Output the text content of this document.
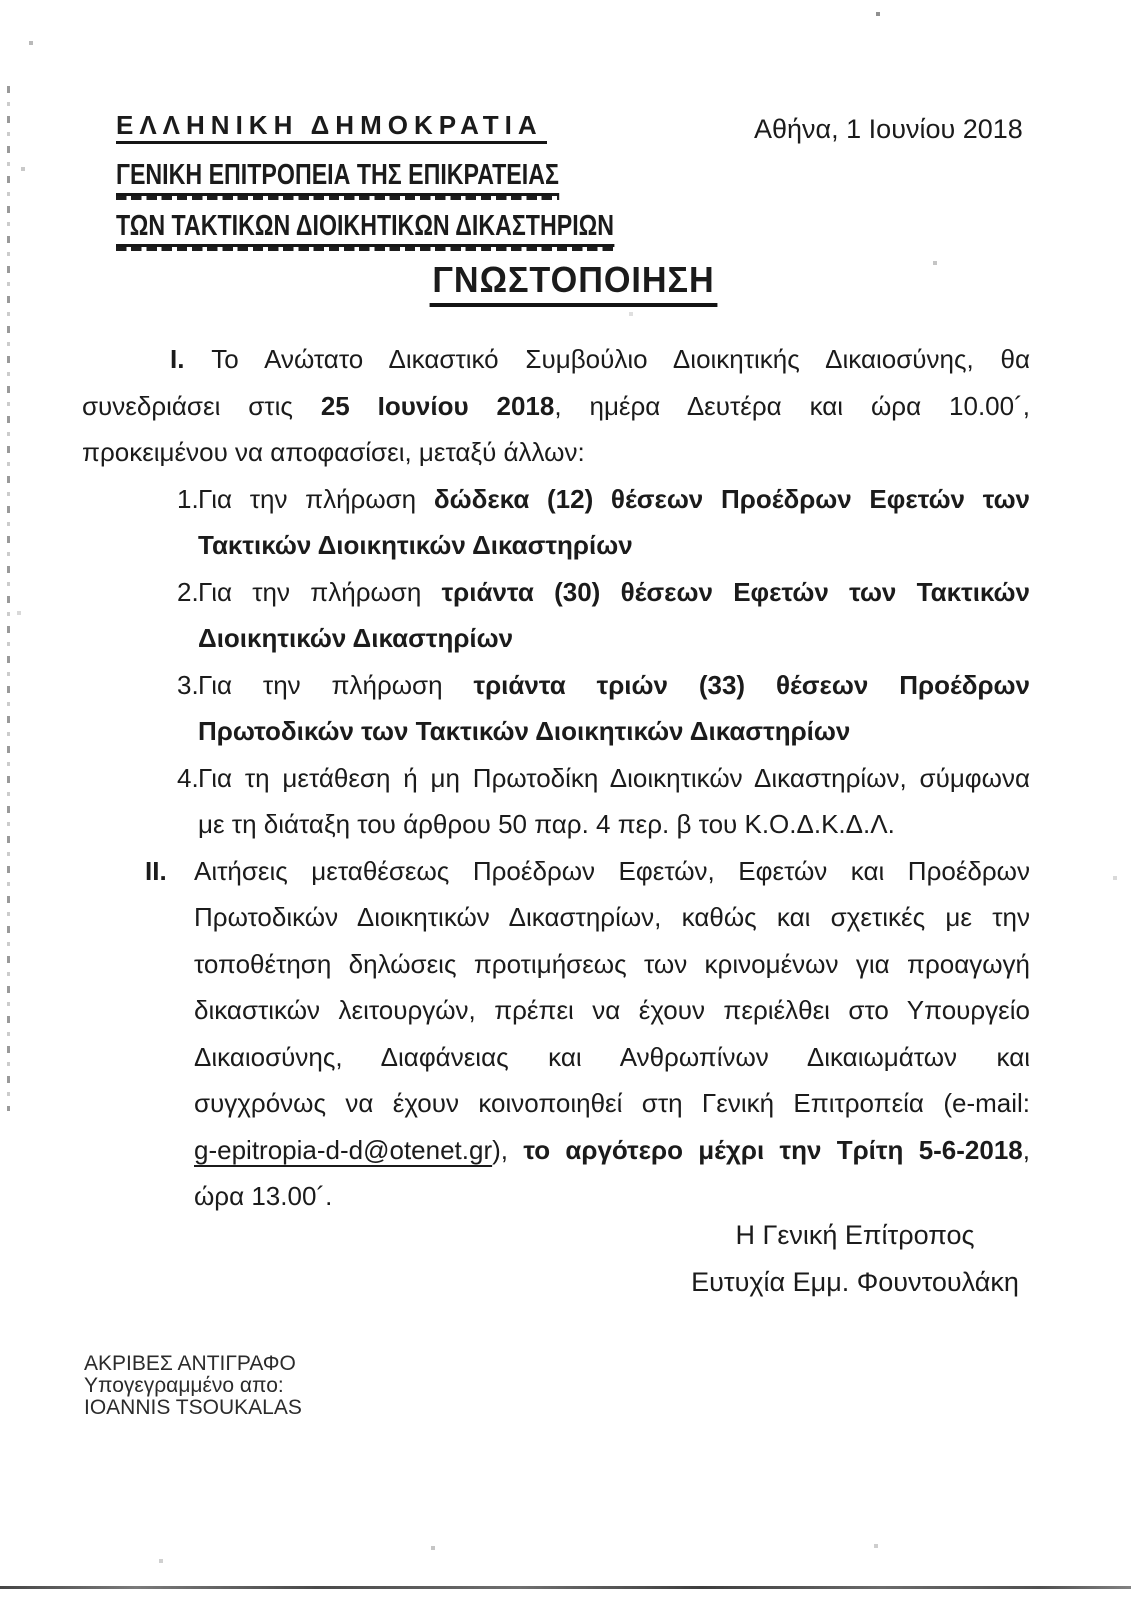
ΕΛΛΗΝΙΚΗ ΔΗΜΟΚΡΑΤΙΑ
ΓΕΝΙΚΗ ΕΠΙΤΡΟΠΕΙΑ ΤΗΣ ΕΠΙΚΡΑΤΕΙΑΣ
ΤΩΝ ΤΑΚΤΙΚΩΝ ΔΙΟΙΚΗΤΙΚΩΝ ΔΙΚΑΣΤΗΡΙΩΝ
Αθήνα, 1 Ιουνίου 2018
ΓΝΩΣΤΟΠΟΙΗΣΗ
Ι. Το Ανώτατο Δικαστικό Συμβούλιο Διοικητικής Δικαιοσύνης, θα
συνεδριάσει στις 25 Ιουνίου 2018, ημέρα Δευτέρα και ώρα 10.00´,
προκειμένου να αποφασίσει, μεταξύ άλλων:
1. Για την πλήρωση δώδεκα (12) θέσεων Προέδρων Εφετών των
Τακτικών Διοικητικών Δικαστηρίων
2. Για την πλήρωση τριάντα (30) θέσεων Εφετών των Τακτικών
Διοικητικών Δικαστηρίων
3. Για την πλήρωση τριάντα τριών (33) θέσεων Προέδρων
Πρωτοδικών των Τακτικών Διοικητικών Δικαστηρίων
4. Για τη μετάθεση ή μη Πρωτοδίκη Διοικητικών Δικαστηρίων, σύμφωνα
με τη διάταξη του άρθρου 50 παρ. 4 περ. β του Κ.Ο.Δ.Κ.Δ.Λ.
ΙΙ. Αιτήσεις μεταθέσεως Προέδρων Εφετών, Εφετών και Προέδρων
Πρωτοδικών Διοικητικών Δικαστηρίων, καθώς και σχετικές με την
τοποθέτηση δηλώσεις προτιμήσεως των κρινομένων για προαγωγή
δικαστικών λειτουργών, πρέπει να έχουν περιέλθει στο Υπουργείο
Δικαιοσύνης, Διαφάνειας και Ανθρωπίνων Δικαιωμάτων και
συγχρόνως να έχουν κοινοποιηθεί στη Γενική Επιτροπεία (e-mail:
g-epitropia-d-d@otenet.gr), το αργότερο μέχρι την Τρίτη 5-6-2018,
ώρα 13.00´.
Η Γενική Επίτροπος
Ευτυχία Εμμ. Φουντουλάκη
ΑΚΡΙΒΕΣ ΑΝΤΙΓΡΑΦΟ
Υπογεγραμμένο απο:
IOANNIS TSOUKALAS
